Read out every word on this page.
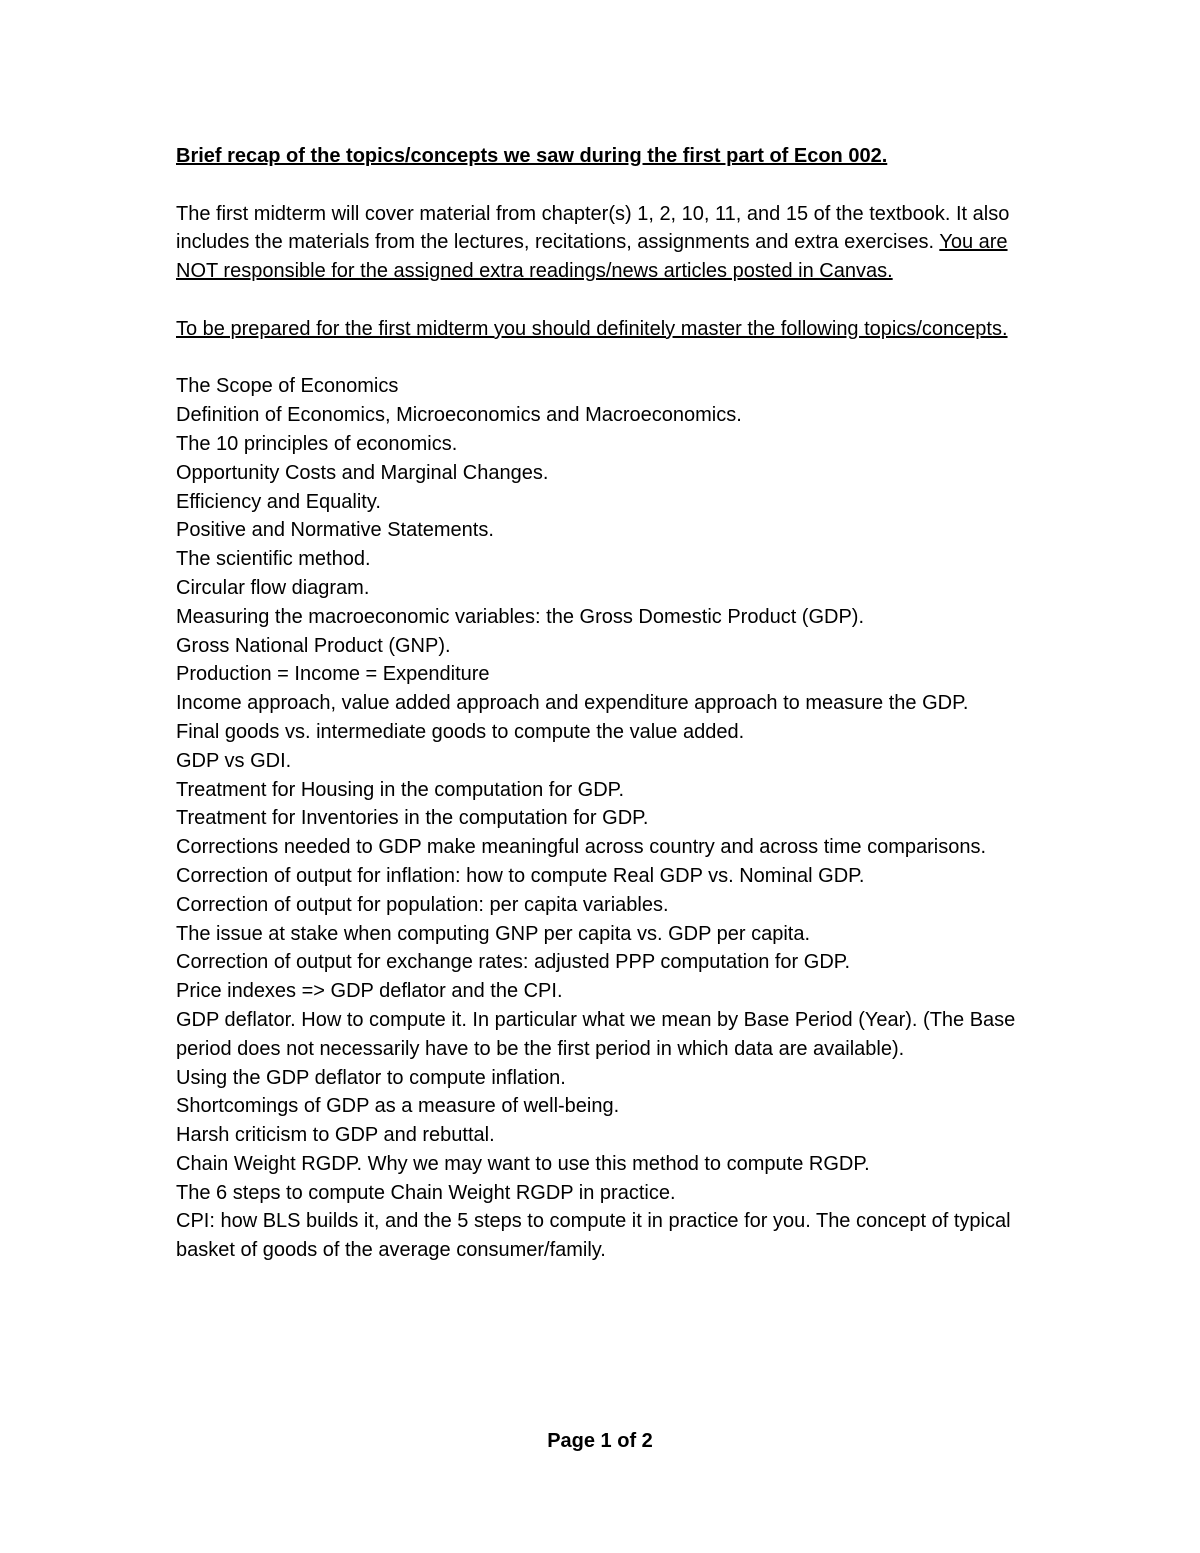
Brief recap of the topics/concepts we saw during the first part of Econ 002.

The first midterm will cover material from chapter(s) 1, 2, 10, 11, and 15 of the textbook. It also includes the materials from the lectures, recitations, assignments and extra exercises. You are NOT responsible for the assigned extra readings/news articles posted in Canvas.

To be prepared for the first midterm you should definitely master the following topics/concepts.

The Scope of Economics
Definition of Economics, Microeconomics and Macroeconomics.
The 10 principles of economics.
Opportunity Costs and Marginal Changes.
Efficiency and Equality.
Positive and Normative Statements.
The scientific method.
Circular flow diagram.
Measuring the macroeconomic variables: the Gross Domestic Product (GDP).
Gross National Product (GNP).
Production = Income = Expenditure
Income approach, value added approach and expenditure approach to measure the GDP.
Final goods vs. intermediate goods to compute the value added.
GDP vs GDI.
Treatment for Housing in the computation for GDP.
Treatment for Inventories in the computation for GDP.
Corrections needed to GDP make meaningful across country and across time comparisons.
Correction of output for inflation: how to compute Real GDP vs. Nominal GDP.
Correction of output for population: per capita variables.
The issue at stake when computing GNP per capita vs. GDP per capita.
Correction of output for exchange rates: adjusted PPP computation for GDP.
Price indexes => GDP deflator and the CPI.
GDP deflator. How to compute it. In particular what we mean by Base Period (Year). (The Base period does not necessarily have to be the first period in which data are available).
Using the GDP deflator to compute inflation.
Shortcomings of GDP as a measure of well-being.
Harsh criticism to GDP and rebuttal.
Chain Weight RGDP. Why we may want to use this method to compute RGDP.
The 6 steps to compute Chain Weight RGDP in practice.
CPI: how BLS builds it, and the 5 steps to compute it in practice for you. The concept of typical basket of goods of the average consumer/family.
Page 1 of 2
